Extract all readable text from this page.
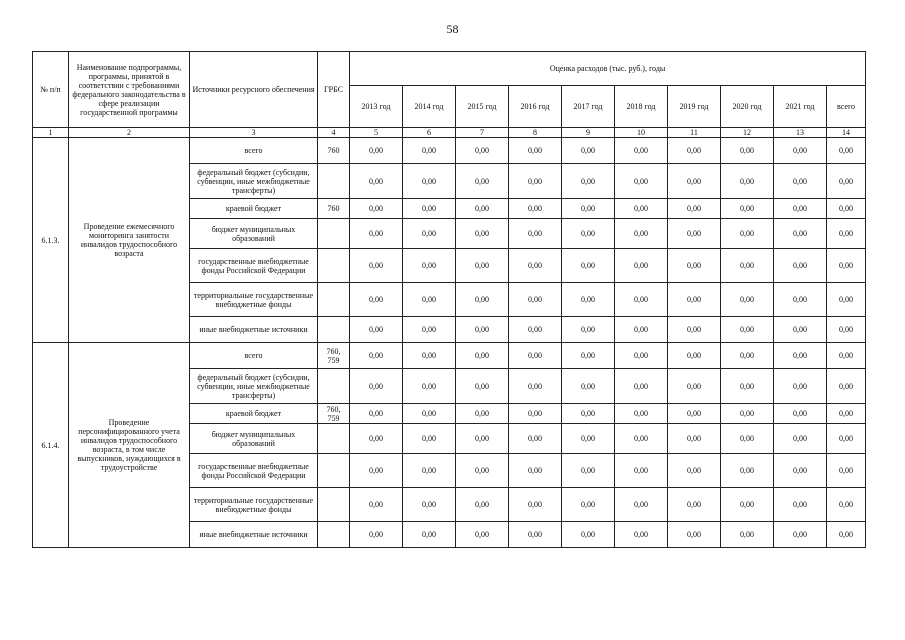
58
№ п/п	Наименование подпрограммы, программы, принятой в соответствии с требованиями федерального законодательства в сфере реализации государственной программы	Источники ресурсного обеспечения	ГРБС	Оценка расходов (тыс. руб.), годы									
				2013 год	2014 год	2015 год	2016 год	2017 год	2018 год	2019 год	2020 год	2021 год	всего
1	2	3	4	5	6	7	8	9	10	11	12	13	14
6.1.3.	Проведение ежемесячного мониторинга занятости инвалидов трудоспособного возраста	всего	760	0,00	0,00	0,00	0,00	0,00	0,00	0,00	0,00	0,00	0,00
		федеральный бюджет (субсидии, субвенции, иные межбюджетные трансферты)		0,00	0,00	0,00	0,00	0,00	0,00	0,00	0,00	0,00	0,00
		краевой бюджет	760	0,00	0,00	0,00	0,00	0,00	0,00	0,00	0,00	0,00	0,00
		бюджет муниципальных образований		0,00	0,00	0,00	0,00	0,00	0,00	0,00	0,00	0,00	0,00
		государственные внебюджетные фонды Российской Федерации		0,00	0,00	0,00	0,00	0,00	0,00	0,00	0,00	0,00	0,00
		территориальные государственные внебюджетные фонды		0,00	0,00	0,00	0,00	0,00	0,00	0,00	0,00	0,00	0,00
		иные внебюджетные источники		0,00	0,00	0,00	0,00	0,00	0,00	0,00	0,00	0,00	0,00
6.1.4.	Проведение персонифицированного учета инвалидов трудоспособного возраста, в том числе выпускников, нуждающихся в трудоустройстве	всего	760, 759	0,00	0,00	0,00	0,00	0,00	0,00	0,00	0,00	0,00	0,00
		федеральный бюджет (субсидии, субвенции, иные межбюджетные трансферты)		0,00	0,00	0,00	0,00	0,00	0,00	0,00	0,00	0,00	0,00
		краевой бюджет	760, 759	0,00	0,00	0,00	0,00	0,00	0,00	0,00	0,00	0,00	0,00
		бюджет муниципальных образований		0,00	0,00	0,00	0,00	0,00	0,00	0,00	0,00	0,00	0,00
		государственные внебюджетные фонды Российской Федерации		0,00	0,00	0,00	0,00	0,00	0,00	0,00	0,00	0,00	0,00
		территориальные государственные внебюджетные фонды		0,00	0,00	0,00	0,00	0,00	0,00	0,00	0,00	0,00	0,00
		иные внебюджетные источники		0,00	0,00	0,00	0,00	0,00	0,00	0,00	0,00	0,00	0,00
